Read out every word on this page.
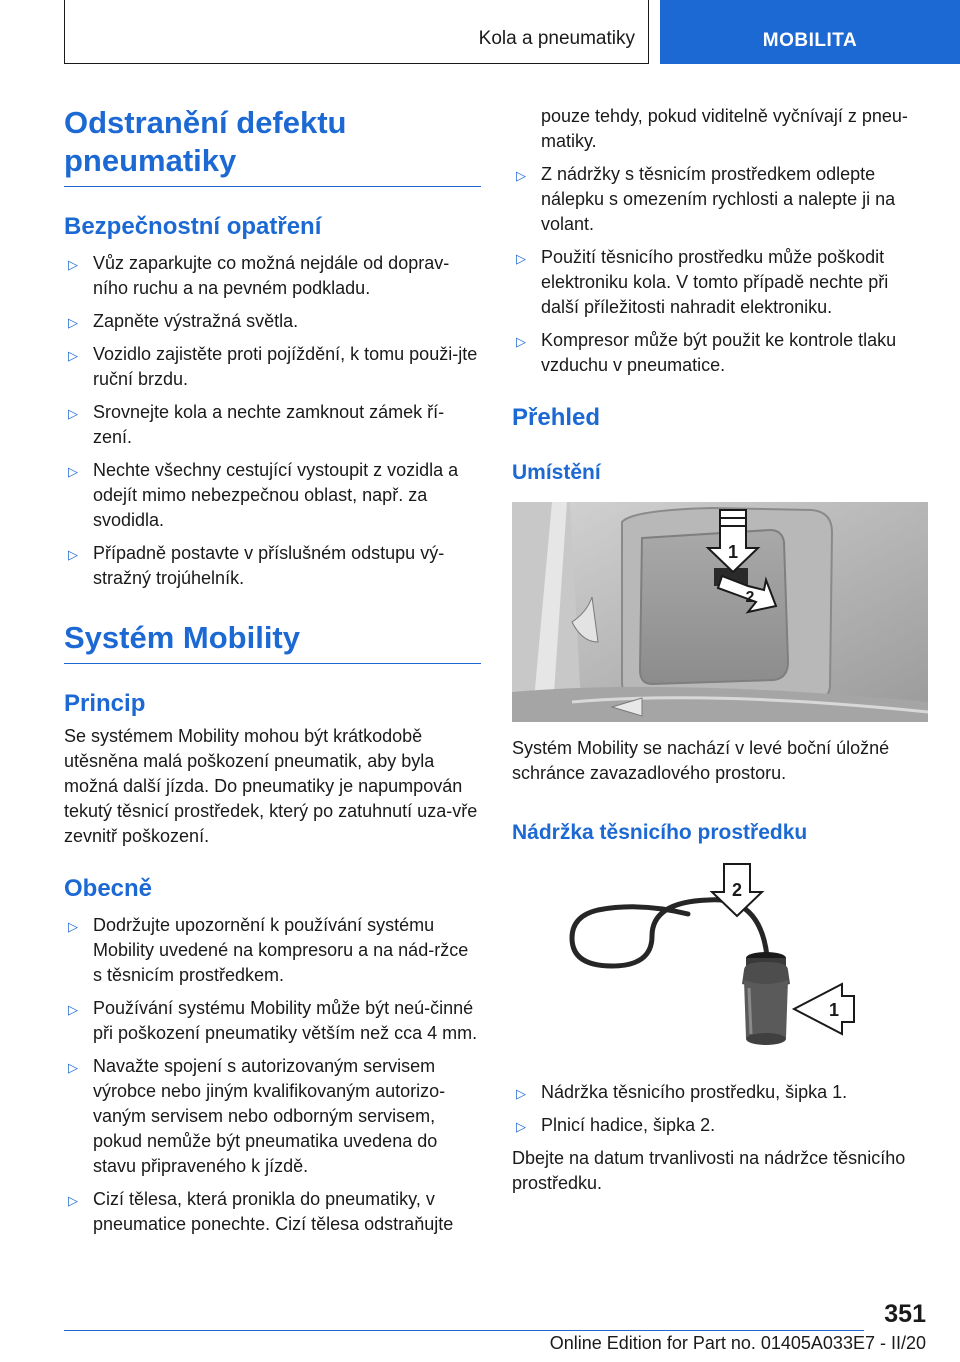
Kola a pneumatiky	MOBILITA
Odstranění defektu pneumatiky
Bezpečnostní opatření
▷ Vůz zaparkujte co možná nejdále od doprav-ního ruchu a na pevném podkladu.
▷ Zapněte výstražná světla.
▷ Vozidlo zajistěte proti pojíždění, k tomu použi-jte ruční brzdu.
▷ Srovnejte kola a nechte zamknout zámek ří-zení.
▷ Nechte všechny cestující vystoupit z vozidla a odejít mimo nebezpečnou oblast, např. za svodidla.
▷ Případně postavte v příslušném odstupu vý-stražný trojúhelník.
Systém Mobility
Princip

Se systémem Mobility mohou být krátkodobě utěsněna malá poškození pneumatik, aby byla možná další jízda. Do pneumatiky je napumpován tekutý těsnicí prostředek, který po zatuhnutí uza-vře zevnitř poškození.

Obecně
▷ Dodržujte upozornění k používání systému Mobility uvedené na kompresoru a na nád-ržce s těsnicím prostředkem.
▷ Používání systému Mobility může být neú-činné při poškození pneumatiky větším než cca 4 mm.
▷ Navažte spojení s autorizovaným servisem výrobce nebo jiným kvalifikovaným autorizo-vaným servisem nebo odborným servisem, pokud nemůže být pneumatika uvedena do stavu připraveného k jízdě.
▷ Cizí tělesa, která pronikla do pneumatiky, v pneumatice ponechte. Cizí tělesa odstraňujte

pouze tehdy, pokud viditelně vyčnívají z pneu-matiky.

▷ Z nádržky s těsnicím prostředkem odlepte nálepku s omezením rychlosti a nalepte ji na volant.
▷ Použití těsnicího prostředku může poškodit elektroniku kola. V tomto případě nechte při další příležitosti nahradit elektroniku.
▷ Kompresor může být použit ke kontrole tlaku vzduchu v pneumatice.
Přehled
Umístění
1
2

Systém Mobility se nachází v levé boční úložné schránce zavazadlového prostoru.

Nádržka těsnicího prostředku
2
1
▷ Nádržka těsnicího prostředku, šipka 1.
▷ Plnicí hadice, šipka 2.

Dbejte na datum trvanlivosti na nádržce těsnicího prostředku.

351
Online Edition for Part no. 01405A033E7 - II/20
